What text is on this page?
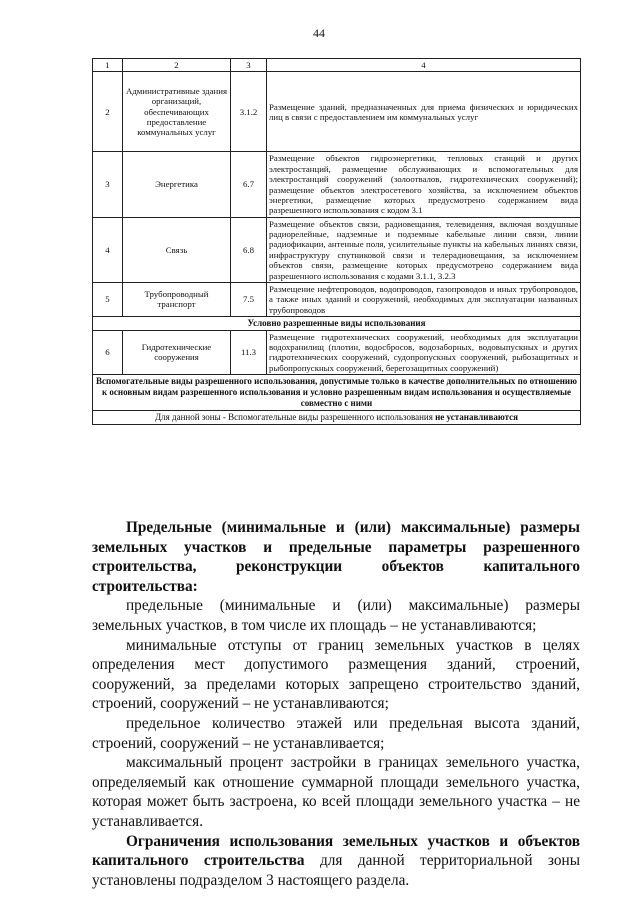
44
1	2	3	4
2	Административные здания организаций, обеспечивающих предоставление коммунальных услуг	3.1.2	Размещение зданий, предназначенных для приема физических и юридических лиц в связи с предоставлением им коммунальных услуг
3	Энергетика	6.7	Размещение объектов гидроэнергетики, тепловых станций и других электростанций, размещение обслуживающих и вспомогательных для электростанций сооружений (золоотвалов, гидротехнических сооружений); размещение объектов электросетевого хозяйства, за исключением объектов энергетики, размещение которых предусмотрено содержанием вида разрешенного использования с кодом 3.1
4	Связь	6.8	Размещение объектов связи, радиовещания, телевидения, включая воздушные радиорелейные, надземные и подземные кабельные линии связи, линии радиофикации, антенные поля, усилительные пункты на кабельных линиях связи, инфраструктуру спутниковой связи и телерадиовещания, за исключением объектов связи, размещение которых предусмотрено содержанием вида разрешенного использования с кодами 3.1.1, 3.2.3
5	Трубопроводный транспорт	7.5	Размещение нефтепроводов, водопроводов, газопроводов и иных трубопроводов, а также иных зданий и сооружений, необходимых для эксплуатации названных трубопроводов
Условно разрешенные виды использования			
6	Гидротехнические сооружения	11.3	Размещение гидротехнических сооружений, необходимых для эксплуатации водохранилищ (плотин, водосбросов, водозаборных, водовыпускных и других гидротехнических сооружений, судопропускных сооружений, рыбозащитных и рыбопропускных сооружений, берегозащитных сооружений)
Вспомогательные виды разрешенного использования, допустимые только в качестве дополнительных по отношению к основным видам разрешенного использования и условно разрешенным видам использования и осуществляемые совместно с ними			
Для данной зоны - Вспомогательные виды разрешенного использования не устанавливаются			

Предельные (минимальные и (или) максимальные) размеры земельных участков и предельные параметры разрешенного строительства, реконструкции объектов капитального строительства:

предельные (минимальные и (или) максимальные) размеры земельных участков, в том числе их площадь – не устанавливаются;

минимальные отступы от границ земельных участков в целях определения мест допустимого размещения зданий, строений, сооружений, за пределами которых запрещено строительство зданий, строений, сооружений – не устанавливаются;

предельное количество этажей или предельная высота зданий, строений, сооружений – не устанавливается;

максимальный процент застройки в границах земельного участка, определяемый как отношение суммарной площади земельного участка, которая может быть застроена, ко всей площади земельного участка – не устанавливается.

Ограничения использования земельных участков и объектов капитального строительства для данной территориальной зоны установлены подразделом 3 настоящего раздела.
